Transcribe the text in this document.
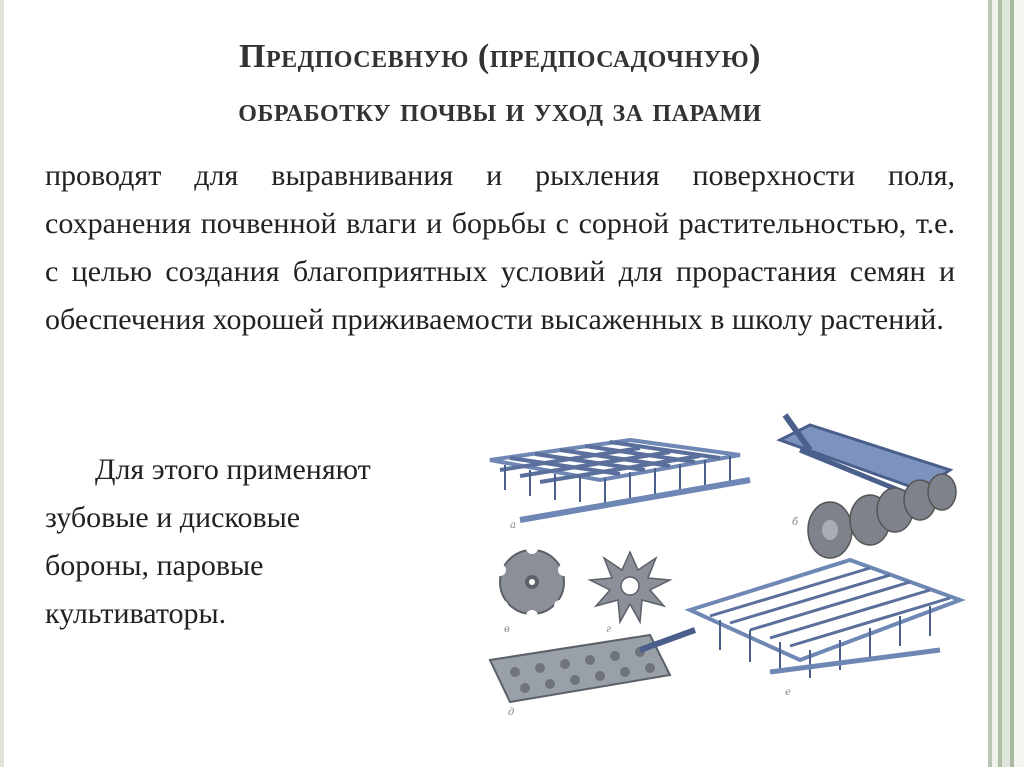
Предпосевную (предпосадочную)
обработку почвы и уход за парами
проводят для выравнивания и рыхления поверхности поля, сохранения почвенной влаги и борьбы с сорной растительностью, т.е. с целью создания благоприятных условий для прорастания семян и обеспечения хорошей приживаемости высаженных в школу растений.
Для этого применяют
зубовые и дисковые
бороны, паровые
культиваторы.
а	б
в	г
е
д
